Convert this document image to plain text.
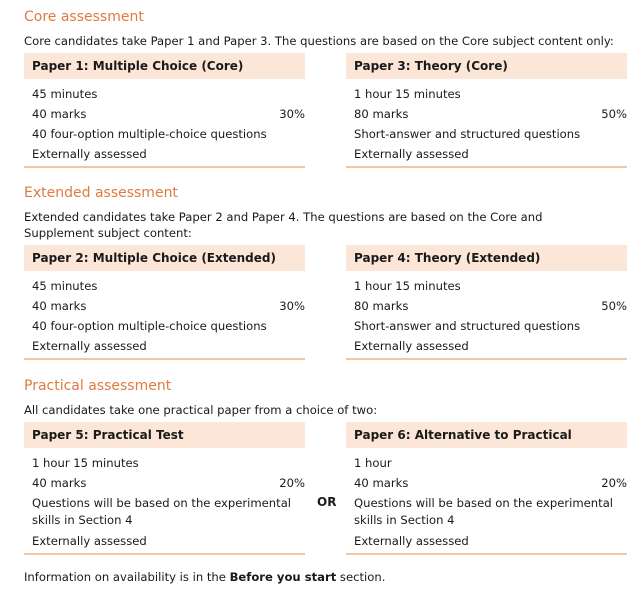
Core assessment
Core candidates take Paper 1 and Paper 3. The questions are based on the Core subject content only:
Paper 1: Multiple Choice (Core)
45 minutes
40 marks	30%
40 four-option multiple-choice questions
Externally assessed
Paper 3: Theory (Core)
1 hour 15 minutes
80 marks	50%
Short-answer and structured questions
Externally assessed
Extended assessment
Extended candidates take Paper 2 and Paper 4. The questions are based on the Core and Supplement subject content:
Paper 2: Multiple Choice (Extended)
45 minutes
40 marks	30%
40 four-option multiple-choice questions
Externally assessed
Paper 4: Theory (Extended)
1 hour 15 minutes
80 marks	50%
Short-answer and structured questions
Externally assessed
Practical assessment
All candidates take one practical paper from a choice of two:
Paper 5: Practical Test
1 hour 15 minutes
40 marks	20%
Questions will be based on the experimental skills in Section 4
Externally assessed
OR
Paper 6: Alternative to Practical
1 hour
40 marks	20%
Questions will be based on the experimental skills in Section 4
Externally assessed
Information on availability is in the Before you start section.
